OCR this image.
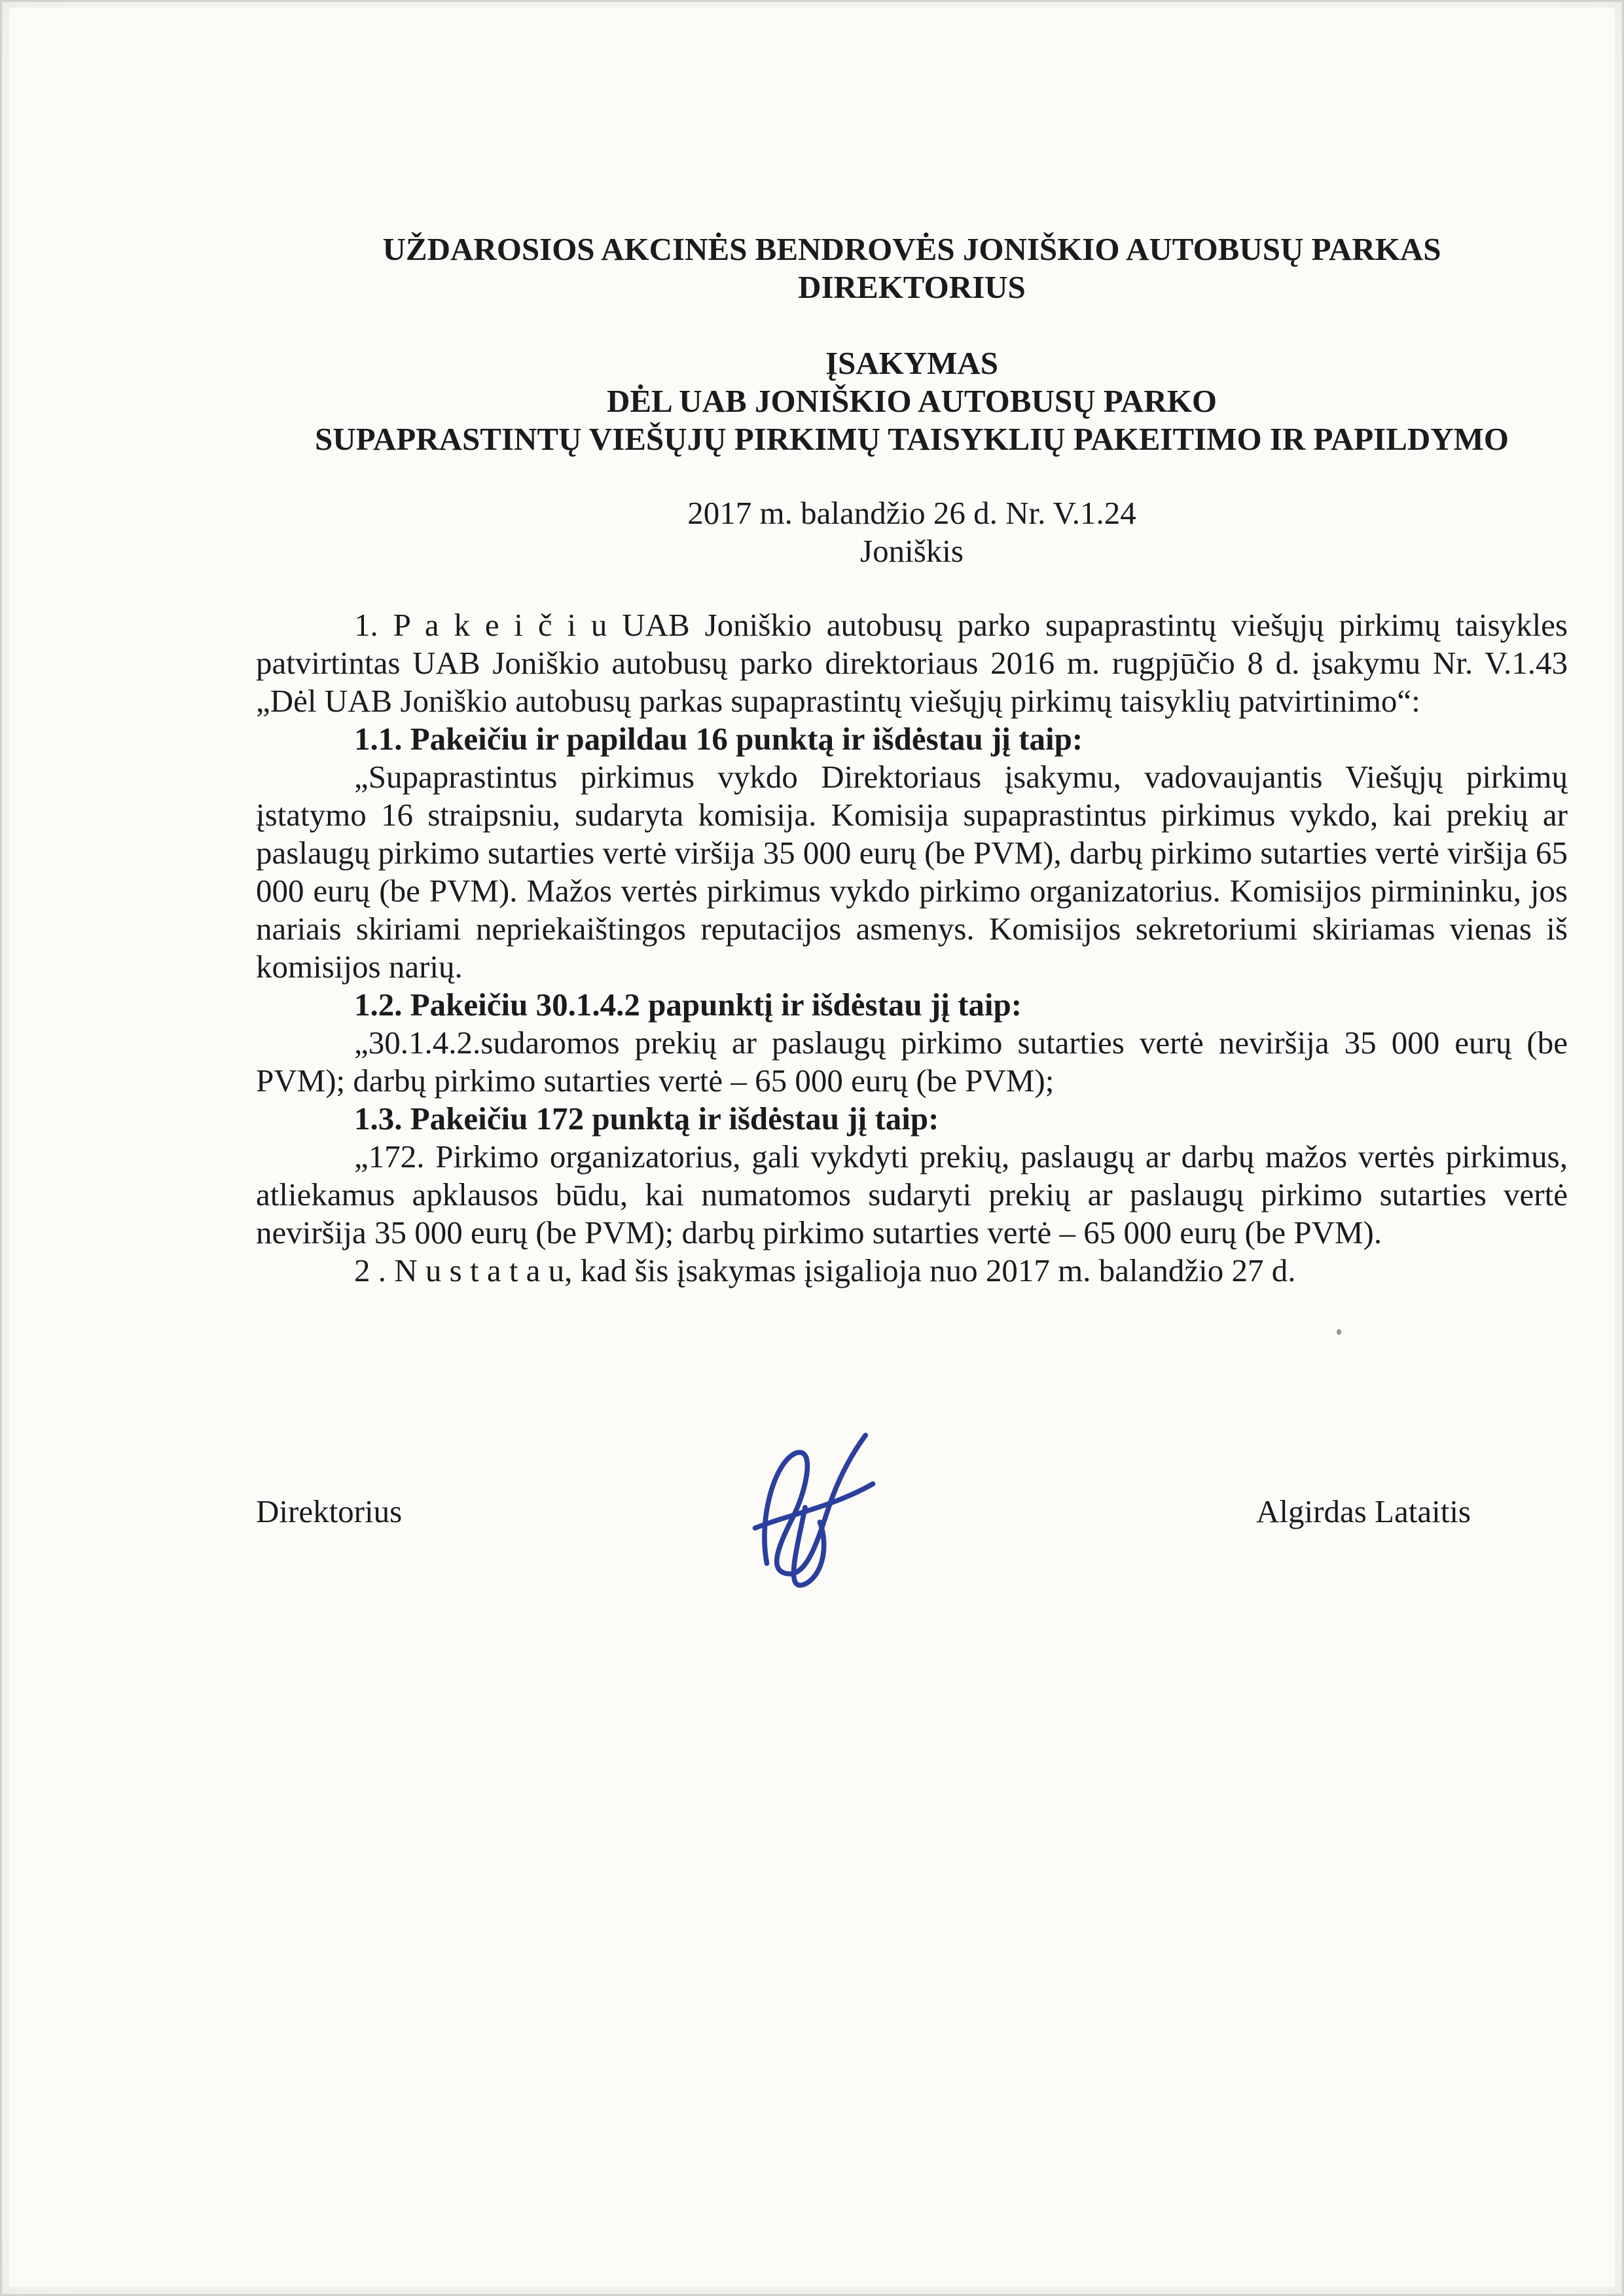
UŽDAROSIOS AKCINĖS BENDROVĖS JONIŠKIO AUTOBUSŲ PARKAS
DIREKTORIUS
ĮSAKYMAS
DĖL UAB JONIŠKIO AUTOBUSŲ PARKO
SUPAPRASTINTŲ VIEŠŲJŲ PIRKIMŲ TAISYKLIŲ PAKEITIMO IR PAPILDYMO
2017 m. balandžio 26 d. Nr. V.1.24
Joniškis

1. P a k e i č i u UAB Joniškio autobusų parko supaprastintų viešųjų pirkimų taisykles patvirtintas UAB Joniškio autobusų parko direktoriaus 2016 m. rugpjūčio 8 d. įsakymu Nr. V.1.43 „Dėl UAB Joniškio autobusų parkas supaprastintų viešųjų pirkimų taisyklių patvirtinimo“:

1.1. Pakeičiu ir papildau 16 punktą ir išdėstau jį taip:

„Supaprastintus pirkimus vykdo Direktoriaus įsakymu, vadovaujantis Viešųjų pirkimų įstatymo 16 straipsniu, sudaryta komisija. Komisija supaprastintus pirkimus vykdo, kai prekių ar paslaugų pirkimo sutarties vertė viršija 35 000 eurų (be PVM), darbų pirkimo sutarties vertė viršija 65 000 eurų (be PVM). Mažos vertės pirkimus vykdo pirkimo organizatorius. Komisijos pirmininku, jos nariais skiriami nepriekaištingos reputacijos asmenys. Komisijos sekretoriumi skiriamas vienas iš komisijos narių.

1.2. Pakeičiu 30.1.4.2 papunktį ir išdėstau jį taip:

„30.1.4.2.sudaromos prekių ar paslaugų pirkimo sutarties vertė neviršija 35 000 eurų (be PVM); darbų pirkimo sutarties vertė – 65 000 eurų (be PVM);

1.3. Pakeičiu 172 punktą ir išdėstau jį taip:

„172. Pirkimo organizatorius, gali vykdyti prekių, paslaugų ar darbų mažos vertės pirkimus, atliekamus apklausos būdu, kai numatomos sudaryti prekių ar paslaugų pirkimo sutarties vertė neviršija 35 000 eurų (be PVM); darbų pirkimo sutarties vertė – 65 000 eurų (be PVM).

2 . N u s t a t a u, kad šis įsakymas įsigalioja nuo 2017 m. balandžio 27 d.

Direktorius	Algirdas Lataitis
